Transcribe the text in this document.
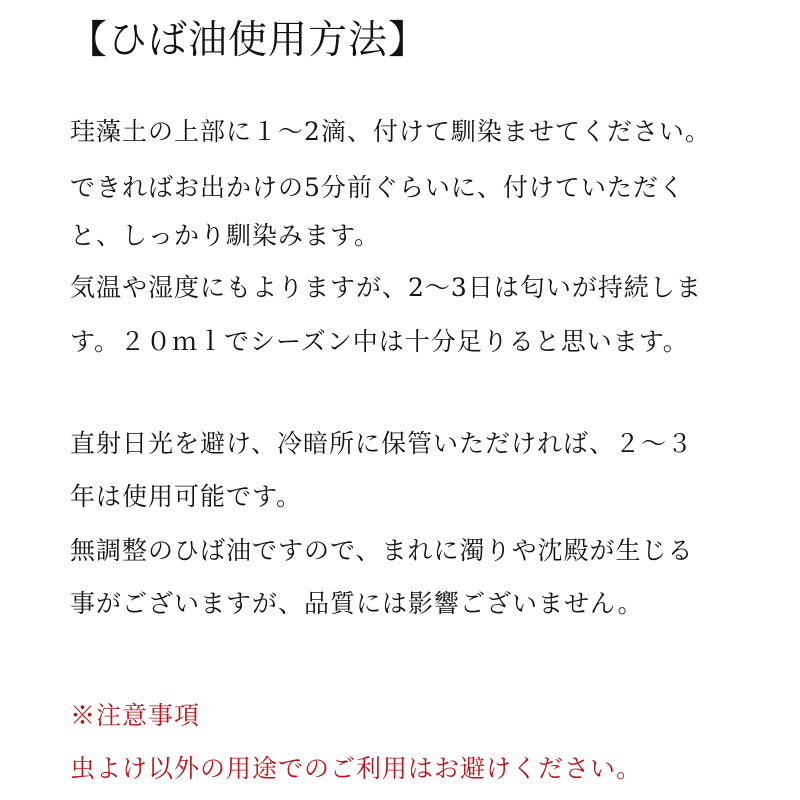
【ひば油使用方法】
珪藻土の上部に１～2滴、付けて馴染ませてください。
できればお出かけの5分前ぐらいに、付けていただく
と、しっかり馴染みます。
気温や湿度にもよりますが、2～3日は匂いが持続しま
す。２０ｍｌでシーズン中は十分足りると思います。
直射日光を避け、冷暗所に保管いただければ、２～３
年は使用可能です。
無調整のひば油ですので、まれに濁りや沈殿が生じる
事がございますが、品質には影響ございません。
※注意事項
虫よけ以外の用途でのご利用はお避けください。
